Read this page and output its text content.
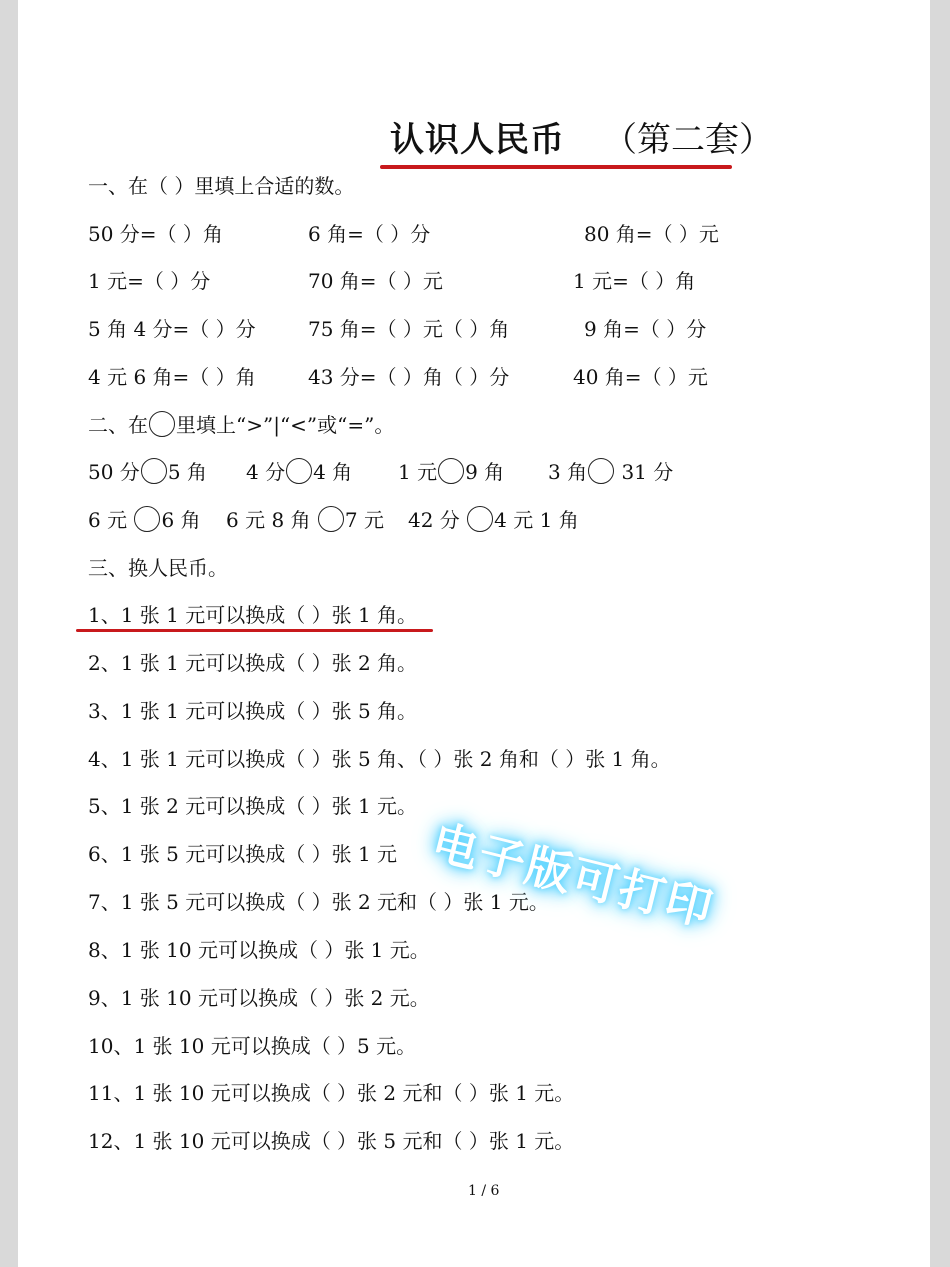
认识人民币 （第二套）
一、在（ ）里填上合适的数。
50 分=（ ）角	6 角=（ ）分	80 角=（ ）元
1 元=（ ）分	70 角=（ ）元	1 元=（ ）角
5 角 4 分=（ ）分	75 角=（ ）元（ ）角	9 角=（ ）分
4 元 6 角=（ ）角	43 分=（ ）角（ ）分	40 角=（ ）元
二、在 里填上“>”|“<”或“=”。
50 分 5 角 4 分 4 角 1 元 9 角 3 角 31 分
6 元 6 角 6 元 8 角 7 元 42 分 4 元 1 角
三、换人民币。
1、1 张 1 元可以换成（ ）张 1 角。
2、1 张 1 元可以换成（ ）张 2 角。
3、1 张 1 元可以换成（ ）张 5 角。
4、1 张 1 元可以换成（ ）张 5 角、（ ）张 2 角和（ ）张 1 角。
5、1 张 2 元可以换成（ ）张 1 元。
6、1 张 5 元可以换成（ ）张 1 元
7、1 张 5 元可以换成（ ）张 2 元和（ ）张 1 元。
8、1 张 10 元可以换成（ ）张 1 元。
9、1 张 10 元可以换成（ ）张 2 元。
10、1 张 10 元可以换成（ ）5 元。
11、1 张 10 元可以换成（ ）张 2 元和（ ）张 1 元。
12、1 张 10 元可以换成（ ）张 5 元和（ ）张 1 元。
电子版可打印
1 / 6
